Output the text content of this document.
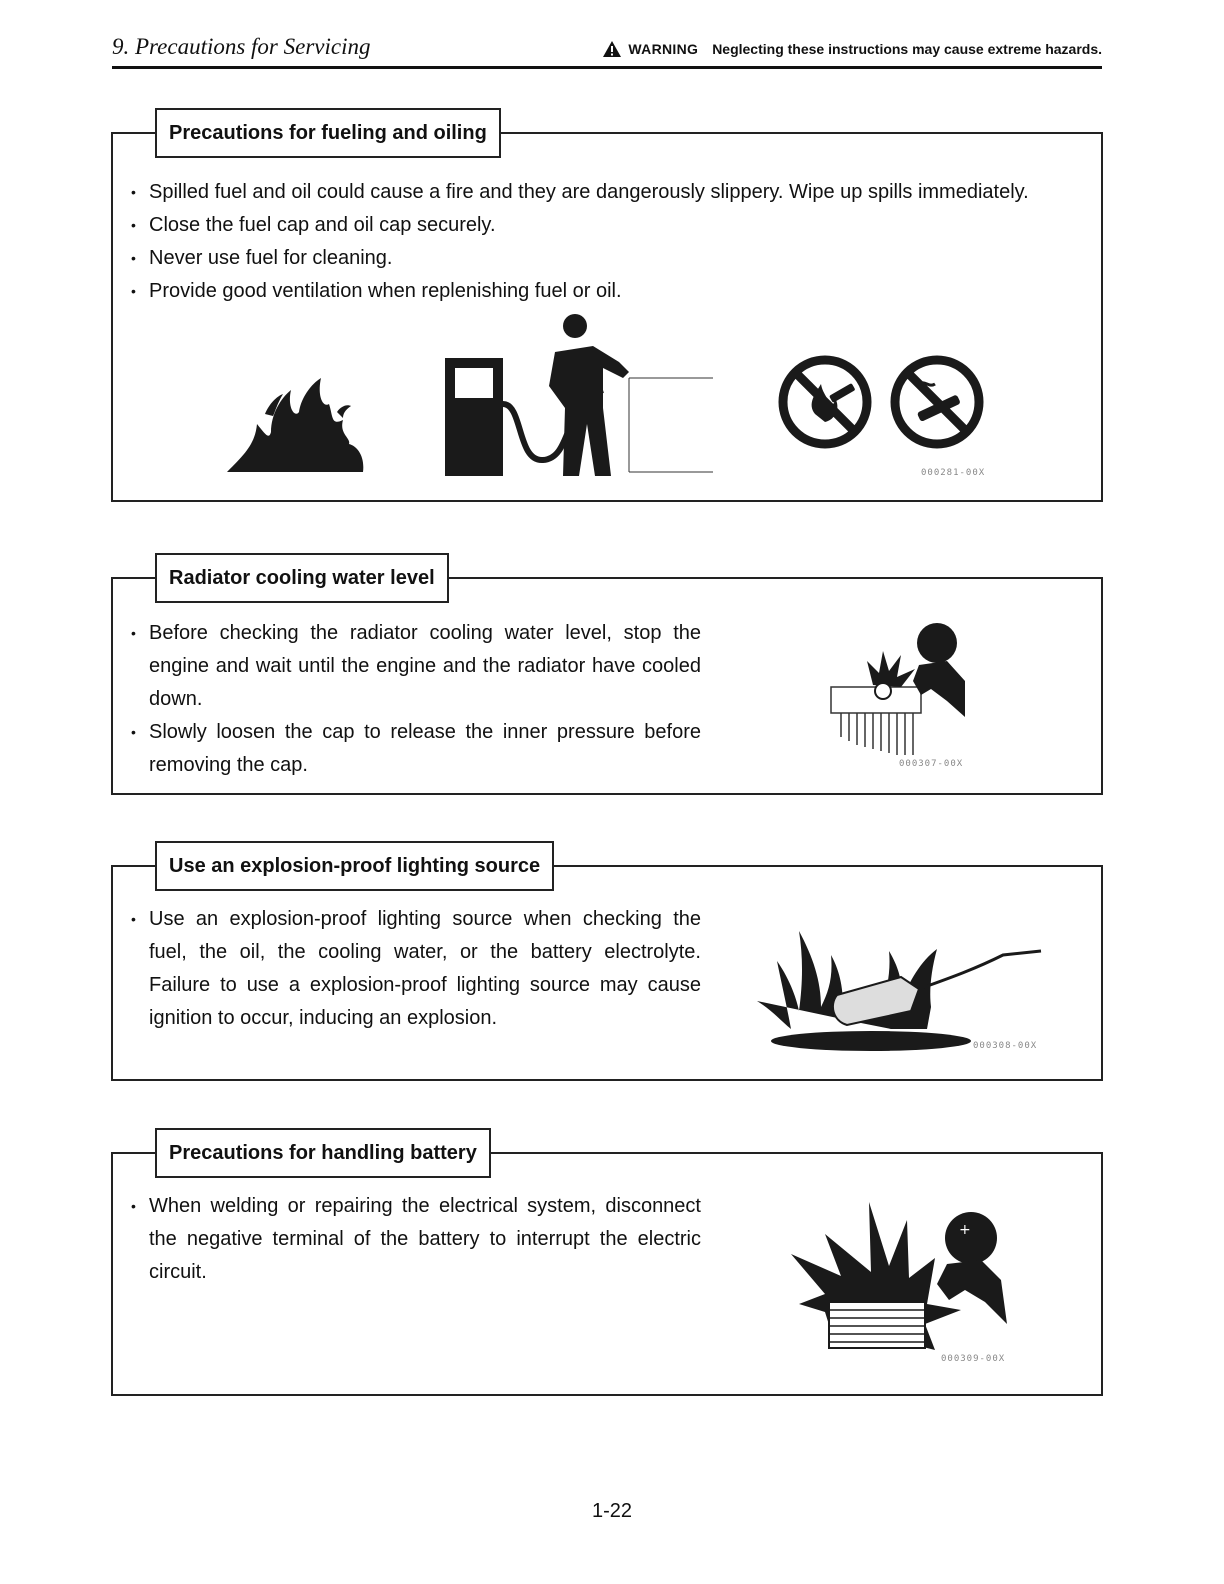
9. Precautions for Servicing	WARNING Neglecting these instructions may cause extreme hazards.
Precautions for fueling and oiling
• Spilled fuel and oil could cause a fire and they are dangerously slippery. Wipe up spills immediately.
• Close the fuel cap and oil cap securely.
• Never use fuel for cleaning.
• Provide good ventilation when replenishing fuel or oil.
000281-00X
Radiator cooling water level
• Before checking the radiator cooling water level, stop the engine and wait until the engine and the radiator have cooled down.
• Slowly loosen the cap to release the inner pressure before removing the cap.	000307-00X
Use an explosion-proof lighting source
• Use an explosion-proof lighting source when checking the fuel, the oil, the cooling water, or the battery electrolyte. Failure to use a explosion-proof lighting source may cause ignition to occur, inducing an explosion.
000308-00X
Precautions for handling battery
• When welding or repairing the electrical system, disconnect the negative terminal of the battery to interrupt the electric circuit.
+
000309-00X
1-22
